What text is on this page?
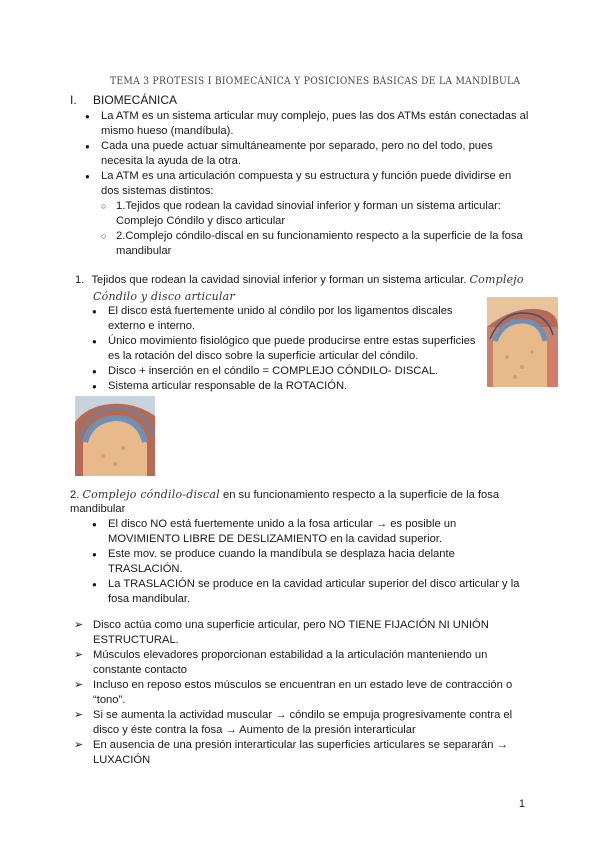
TEMA 3 PRÓTESIS I BIOMECÁNICA Y POSICIONES BÁSICAS DE LA MANDÍBULA
I. BIOMECÁNICA
● La ATM es un sistema articular muy complejo, pues las dos ATMs están conectadas al
mismo hueso (mandíbula).
● Cada una puede actuar simultáneamente por separado, pero no del todo, pues
necesita la ayuda de la otra.
● La ATM es una articulación compuesta y su estructura y función puede dividirse en
dos sistemas distintos:
○ 1.Tejidos que rodean la cavidad sinovial inferior y forman un sistema articular:
Complejo Cóndilo y disco articular
○ 2.Complejo cóndilo-discal en su funcionamiento respecto a la superficie de la fosa
mandibular
1. Tejidos que rodean la cavidad sinovial inferior y forman un sistema articular. Complejo
Cóndilo y disco articular
● El disco está fuertemente unido al cóndilo por los ligamentos discales
externo e interno.
● Único movimiento fisiológico que puede producirse entre estas superficies
es la rotación del disco sobre la superficie articular del cóndilo.
● Disco + inserción en el cóndilo = COMPLEJO CÓNDILO- DISCAL.
● Sistema articular responsable de la ROTACIÓN.
2. Complejo cóndilo-discal en su funcionamiento respecto a la superficie de la fosa
mandibular
● El disco NO está fuertemente unido a la fosa articular → es posible un
MOVIMIENTO LIBRE DE DESLIZAMIENTO en la cavidad superior.
● Este mov. se produce cuando la mandíbula se desplaza hacia delante
TRASLACIÓN.
● La TRASLACIÓN se produce en la cavidad articular superior del disco articular y la
fosa mandibular.
➢ Disco actúa como una superficie articular, pero NO TIENE FIJACIÓN NI UNIÓN
ESTRUCTURAL.
➢ Músculos elevadores proporcionan estabilidad a la articulación manteniendo un
constante contacto
➢ Incluso en reposo estos músculos se encuentran en un estado leve de contracción o
“tono”.
➢ Si se aumenta la actividad muscular → cóndilo se empuja progresivamente contra el
disco y éste contra la fosa → Aumento de la presión interarticular
➢ En ausencia de una presión interarticular las superficies articulares se separarán →
LUXACIÓN
1
